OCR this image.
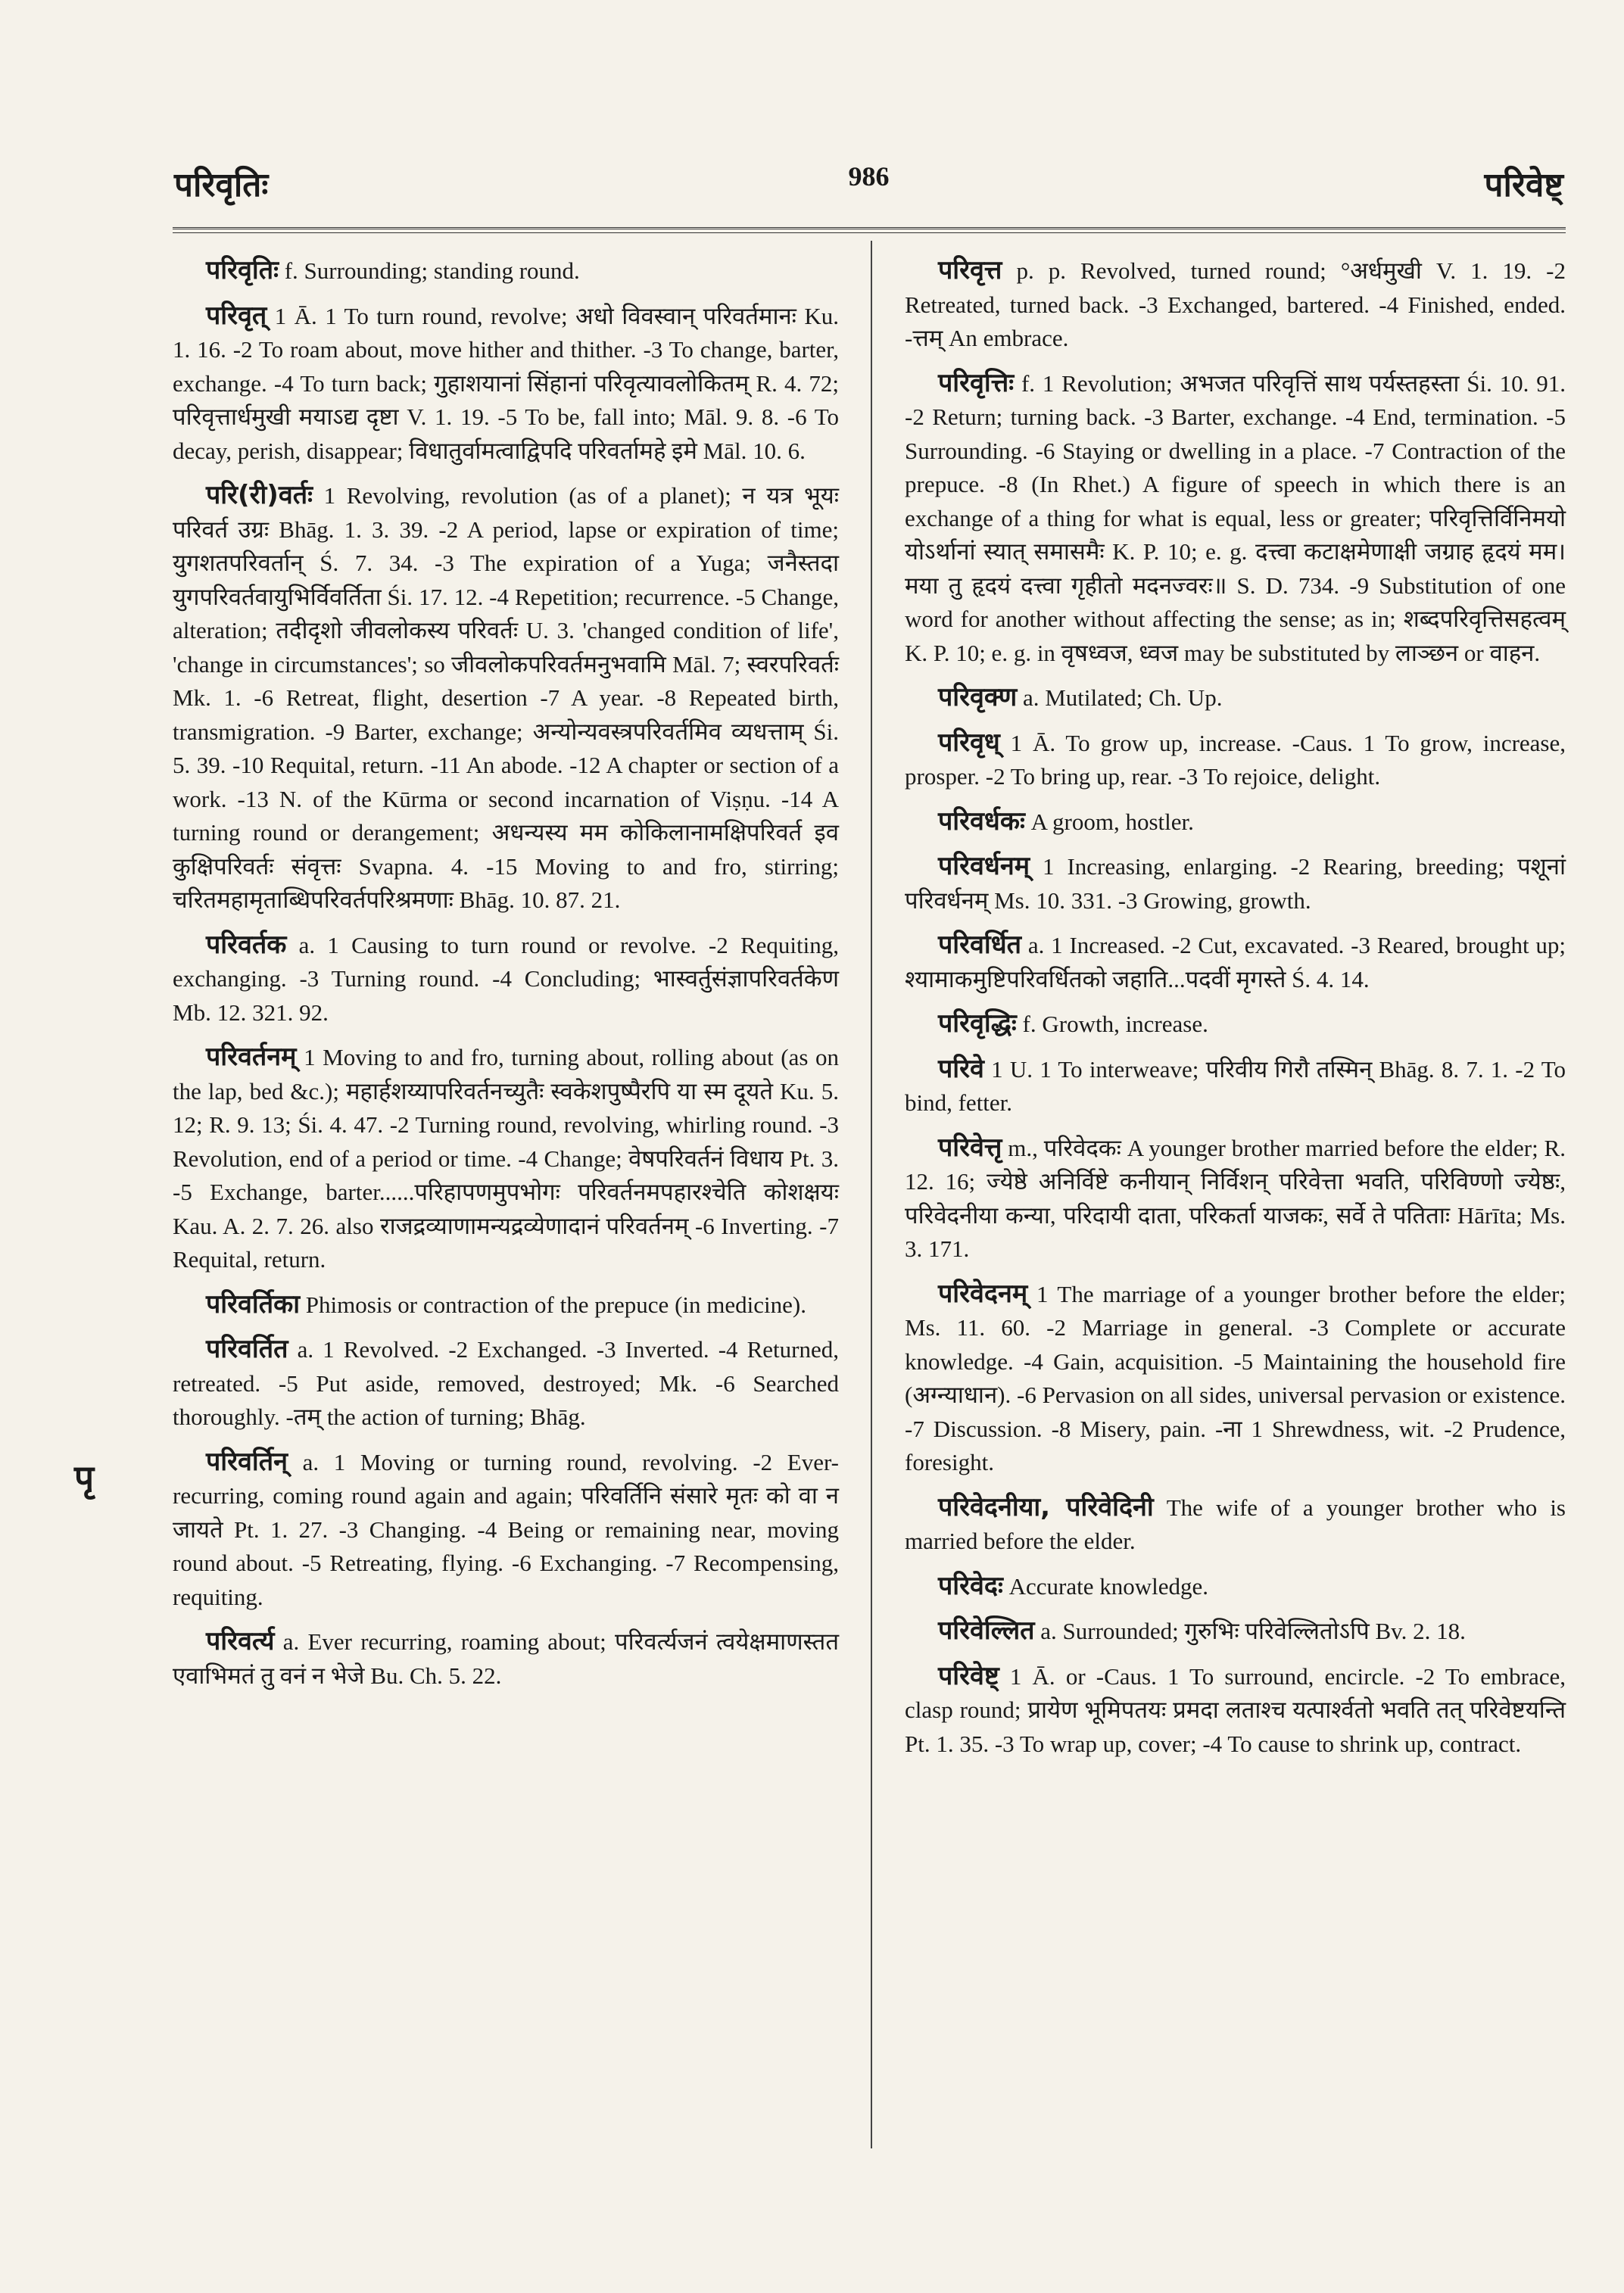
परिवृतिः	986	परिवेष्ट्
पृ

परिवृतिः f. Surrounding; standing round.

परिवृत् 1 Ā. 1 To turn round, revolve; अधो विवस्वान् परिवर्तमानः Ku. 1. 16. -2 To roam about, move hither and thither. -3 To change, barter, exchange. -4 To turn back; गुहाशयानां सिंहानां परिवृत्यावलोकितम् R. 4. 72; परिवृत्तार्धमुखी मयाऽद्य दृष्टा V. 1. 19. -5 To be, fall into; Māl. 9. 8. -6 To decay, perish, disappear; विधातुर्वामत्वाद्विपदि परिवर्तामहे इमे Māl. 10. 6.

परि(री)वर्तः 1 Revolving, revolution (as of a planet); न यत्र भूयः परिवर्त उग्रः Bhāg. 1. 3. 39. -2 A period, lapse or expiration of time; युगशतपरिवर्तान् Ś. 7. 34. -3 The expiration of a Yuga; जनैस्तदा युगपरिवर्तवायुभिर्विवर्तिता Śi. 17. 12. -4 Repetition; recurrence. -5 Change, alteration; तदीदृशो जीवलोकस्य परिवर्तः U. 3. 'changed condition of life', 'change in circumstances'; so जीवलोकपरिवर्तमनुभवामि Māl. 7; स्वरपरिवर्तः Mk. 1. -6 Retreat, flight, desertion -7 A year. -8 Repeated birth, transmigration. -9 Barter, exchange; अन्योन्यवस्त्रपरिवर्तमिव व्यधत्ताम् Śi. 5. 39. -10 Requital, return. -11 An abode. -12 A chapter or section of a work. -13 N. of the Kūrma or second incarnation of Viṣṇu. -14 A turning round or derangement; अधन्यस्य मम कोकिलानामक्षिपरिवर्त इव कुक्षिपरिवर्तः संवृत्तः Svapna. 4. -15 Moving to and fro, stirring; चरितमहामृताब्धिपरिवर्तपरिश्रमणाः Bhāg. 10. 87. 21.

परिवर्तक a. 1 Causing to turn round or revolve. -2 Requiting, exchanging. -3 Turning round. -4 Concluding; भास्वर्तुसंज्ञापरिवर्तकेण Mb. 12. 321. 92.

परिवर्तनम् 1 Moving to and fro, turning about, rolling about (as on the lap, bed &c.); महार्हशय्यापरिवर्तनच्युतैः स्वकेशपुष्पैरपि या स्म दूयते Ku. 5. 12; R. 9. 13; Śi. 4. 47. -2 Turning round, revolving, whirling round. -3 Revolution, end of a period or time. -4 Change; वेषपरिवर्तनं विधाय Pt. 3. -5 Exchange, barter......परिहापणमुपभोगः परिवर्तनमपहारश्चेति कोशक्षयः Kau. A. 2. 7. 26. also राजद्रव्याणामन्यद्रव्येणादानं परिवर्तनम् -6 Inverting. -7 Requital, return.

परिवर्तिका Phimosis or contraction of the prepuce (in medicine).

परिवर्तित a. 1 Revolved. -2 Exchanged. -3 Inverted. -4 Returned, retreated. -5 Put aside, removed, destroyed; Mk. -6 Searched thoroughly. -तम् the action of turning; Bhāg.

परिवर्तिन् a. 1 Moving or turning round, revolving. -2 Ever-recurring, coming round again and again; परिवर्तिनि संसारे मृतः को वा न जायते Pt. 1. 27. -3 Changing. -4 Being or remaining near, moving round about. -5 Retreating, flying. -6 Exchanging. -7 Recompensing, requiting.

परिवर्त्य a. Ever recurring, roaming about; परिवर्त्यजनं त्वयेक्षमाणस्तत एवाभिमतं तु वनं न भेजे Bu. Ch. 5. 22.

परिवृत्त p. p. Revolved, turned round; °अर्धमुखी V. 1. 19. -2 Retreated, turned back. -3 Exchanged, bartered. -4 Finished, ended. -त्तम् An embrace.

परिवृत्तिः f. 1 Revolution; अभजत परिवृत्तिं साथ पर्यस्तहस्ता Śi. 10. 91. -2 Return; turning back. -3 Barter, exchange. -4 End, termination. -5 Surrounding. -6 Staying or dwelling in a place. -7 Contraction of the prepuce. -8 (In Rhet.) A figure of speech in which there is an exchange of a thing for what is equal, less or greater; परिवृत्तिर्विनिमयो योऽर्थानां स्यात् समासमैः K. P. 10; e. g. दत्त्वा कटाक्षमेणाक्षी जग्राह हृदयं मम। मया तु हृदयं दत्त्वा गृहीतो मदनज्वरः॥ S. D. 734. -9 Substitution of one word for another without affecting the sense; as in; शब्दपरिवृत्तिसहत्वम् K. P. 10; e. g. in वृषध्वज, ध्वज may be substituted by लाञ्छन or वाहन.

परिवृक्ण a. Mutilated; Ch. Up.

परिवृध् 1 Ā. To grow up, increase. -Caus. 1 To grow, increase, prosper. -2 To bring up, rear. -3 To rejoice, delight.

परिवर्धकः A groom, hostler.

परिवर्धनम् 1 Increasing, enlarging. -2 Rearing, breeding; पशूनां परिवर्धनम् Ms. 10. 331. -3 Growing, growth.

परिवर्धित a. 1 Increased. -2 Cut, excavated. -3 Reared, brought up; श्यामाकमुष्टिपरिवर्धितको जहाति...पदवीं मृगस्ते Ś. 4. 14.

परिवृद्धिः f. Growth, increase.

परिवे 1 U. 1 To interweave; परिवीय गिरौ तस्मिन् Bhāg. 8. 7. 1. -2 To bind, fetter.

परिवेत्तृ m., परिवेदकः A younger brother married before the elder; R. 12. 16; ज्येष्ठे अनिर्विष्टे कनीयान् निर्विशन् परिवेत्ता भवति, परिविण्णो ज्येष्ठः, परिवेदनीया कन्या, परिदायी दाता, परिकर्ता याजकः, सर्वे ते पतिताः Hārīta; Ms. 3. 171.

परिवेदनम् 1 The marriage of a younger brother before the elder; Ms. 11. 60. -2 Marriage in general. -3 Complete or accurate knowledge. -4 Gain, acquisition. -5 Maintaining the household fire (अग्न्याधान). -6 Pervasion on all sides, universal pervasion or existence. -7 Discussion. -8 Misery, pain. -ना 1 Shrewdness, wit. -2 Prudence, foresight.

परिवेदनीया, परिवेदिनी The wife of a younger brother who is married before the elder.

परिवेदः Accurate knowledge.

परिवेल्लित a. Surrounded; गुरुभिः परिवेल्लितोऽपि Bv. 2. 18.

परिवेष्ट् 1 Ā. or -Caus. 1 To surround, encircle. -2 To embrace, clasp round; प्रायेण भूमिपतयः प्रमदा लताश्च यत्पार्श्वतो भवति तत् परिवेष्टयन्ति Pt. 1. 35. -3 To wrap up, cover; -4 To cause to shrink up, contract.
